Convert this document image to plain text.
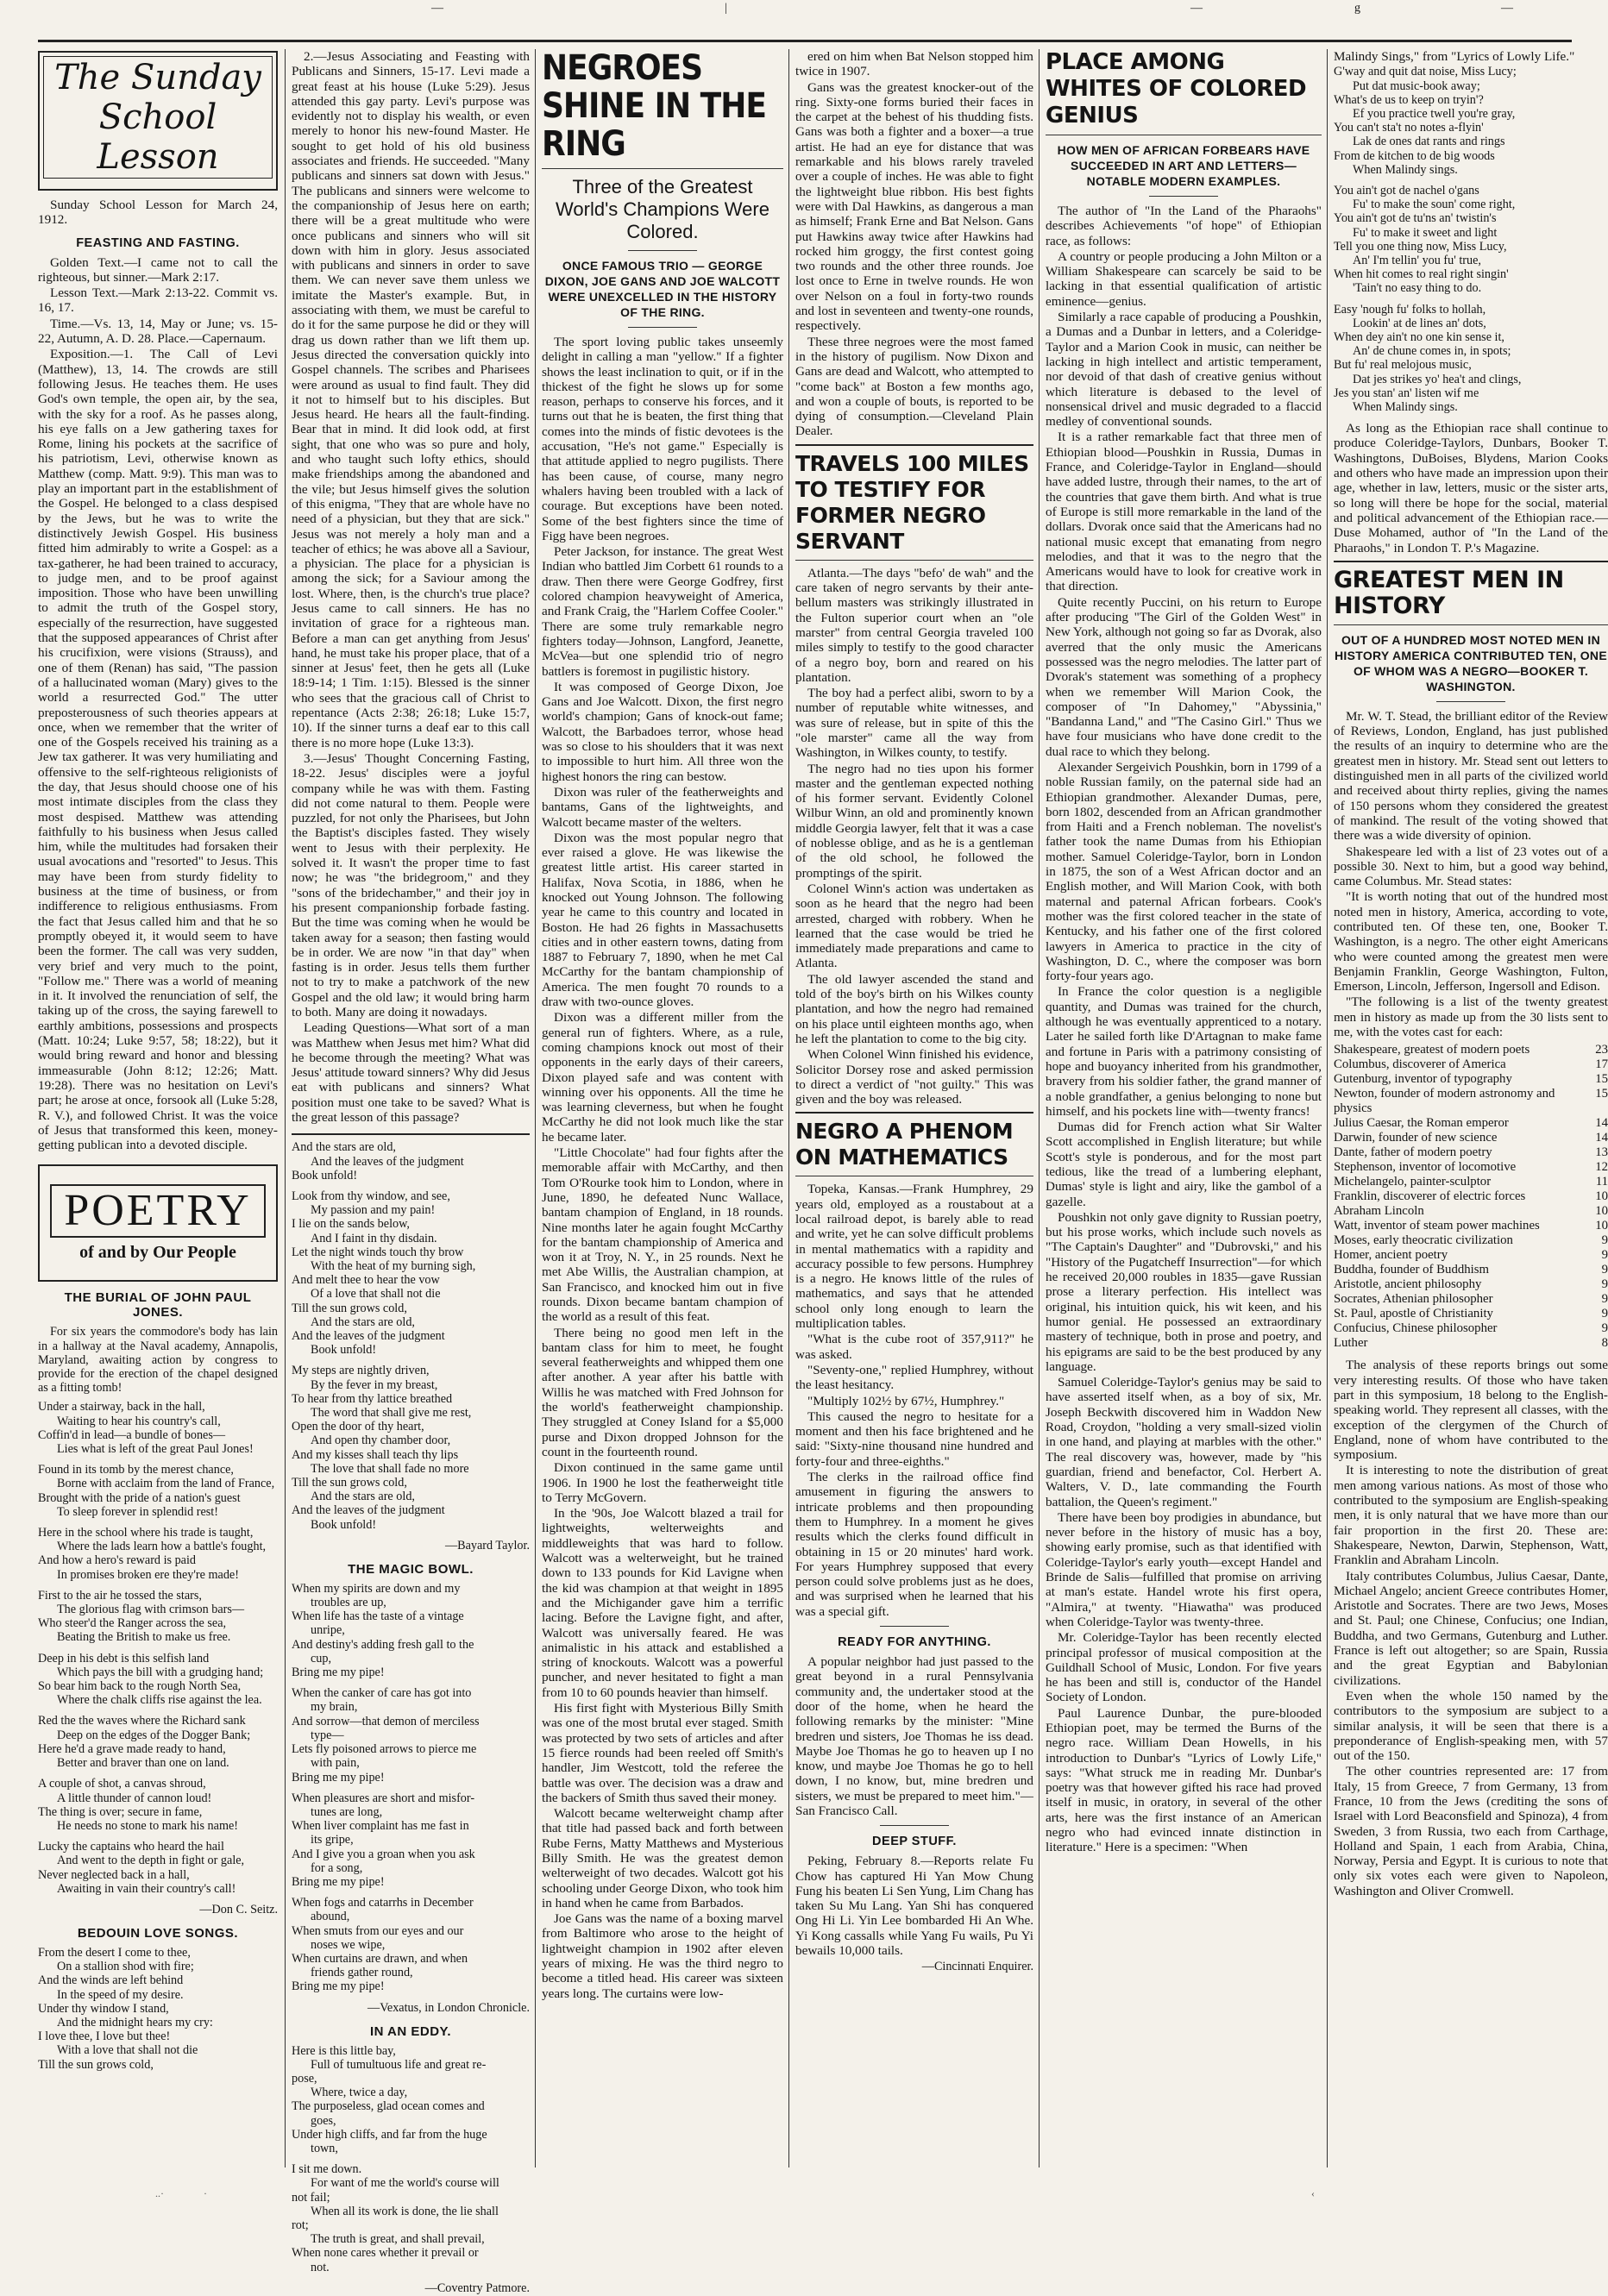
—	|	—	g	—
The Sunday School Lesson

Sunday School Lesson for March 24, 1912.

FEASTING AND FASTING.

Golden Text.—I came not to call the righteous, but sinner.—Mark 2:17.

Lesson Text.—Mark 2:13-22. Commit vs. 16, 17.

Time.—Vs. 13, 14, May or June; vs. 15-22, Autumn, A. D. 28. Place.—Capernaum.

Exposition.—1. The Call of Levi (Matthew), 13, 14. The crowds are still following Jesus. He teaches them. He uses God's own temple, the open air, by the sea, with the sky for a roof. As he passes along, his eye falls on a Jew gathering taxes for Rome, lining his pockets at the sacrifice of his patriotism, Levi, otherwise known as Matthew (comp. Matt. 9:9). This man was to play an important part in the establishment of the Gospel. He belonged to a class despised by the Jews, but he was to write the distinctively Jewish Gospel. His business fitted him admirably to write a Gospel: as a tax-gatherer, he had been trained to accuracy, to judge men, and to be proof against imposition. Those who have been unwilling to admit the truth of the Gospel story, especially of the resurrection, have suggested that the supposed appearances of Christ after his crucifixion, were visions (Strauss), and one of them (Renan) has said, "The passion of a hallucinated woman (Mary) gives to the world a resurrected God." The utter preposterousness of such theories appears at once, when we remember that the writer of one of the Gospels received his training as a Jew tax gatherer. It was very humiliating and offensive to the self-righteous religionists of the day, that Jesus should choose one of his most intimate disciples from the class they most despised. Matthew was attending faithfully to his business when Jesus called him, while the multitudes had forsaken their usual avocations and "resorted" to Jesus. This may have been from sturdy fidelity to business at the time of business, or from indifference to religious enthusiasms. From the fact that Jesus called him and that he so promptly obeyed it, it would seem to have been the former. The call was very sudden, very brief and very much to the point, "Follow me." There was a world of meaning in it. It involved the renunciation of self, the taking up of the cross, the saying farewell to earthly ambitions, possessions and prospects (Matt. 10:24; Luke 9:57, 58; 18:22), but it would bring reward and honor and blessing immeasurable (John 8:12; 12:26; Matt. 19:28). There was no hesitation on Levi's part; he arose at once, forsook all (Luke 5:28, R. V.), and followed Christ. It was the voice of Jesus that transformed this keen, money-getting publican into a devoted disciple.

POETRY
of and by Our People
THE BURIAL OF JOHN PAUL JONES.

For six years the commodore's body has lain in a hallway at the Naval academy, Annapolis, Maryland, awaiting action by congress to provide for the erection of the chapel designed as a fitting tomb!

Under a stairway, back in the hall,
Waiting to hear his country's call,
Coffin'd in lead—a bundle of bones—
Lies what is left of the great Paul Jones!
Found in its tomb by the merest chance,
Borne with acclaim from the land of France,
Brought with the pride of a nation's guest
To sleep forever in splendid rest!
Here in the school where his trade is taught,
Where the lads learn how a battle's fought,
And how a hero's reward is paid
In promises broken ere they're made!
First to the air he tossed the stars,
The glorious flag with crimson bars—
Who steer'd the Ranger across the sea,
Beating the British to make us free.
Deep in his debt is this selfish land
Which pays the bill with a grudging hand;
So bear him back to the rough North Sea,
Where the chalk cliffs rise against the lea.
Red the the waves where the Richard sank
Deep on the edges of the Dogger Bank;
Here he'd a grave made ready to hand,
Better and braver than one on land.
A couple of shot, a canvas shroud,
A little thunder of cannon loud!
The thing is over; secure in fame,
He needs no stone to mark his name!
Lucky the captains who heard the hail
And went to the depth in fight or gale,
Never neglected back in a hall,
Awaiting in vain their country's call!
—Don C. Seitz.
BEDOUIN LOVE SONGS.
From the desert I come to thee,
On a stallion shod with fire;
And the winds are left behind
In the speed of my desire.
Under thy window I stand,
And the midnight hears my cry:
I love thee, I love but thee!
With a love that shall not die
Till the sun grows cold,

2.—Jesus Associating and Feasting with Publicans and Sinners, 15-17. Levi made a great feast at his house (Luke 5:29). Jesus attended this gay party. Levi's purpose was evidently not to display his wealth, or even merely to honor his new-found Master. He sought to get hold of his old business associates and friends. He succeeded. "Many publicans and sinners sat down with Jesus." The publicans and sinners were welcome to the companionship of Jesus here on earth; there will be a great multitude who were once publicans and sinners who will sit down with him in glory. Jesus associated with publicans and sinners in order to save them. We can never save them unless we imitate the Master's example. But, in associating with them, we must be careful to do it for the same purpose he did or they will drag us down rather than we lift them up. Jesus directed the conversation quickly into Gospel channels. The scribes and Pharisees were around as usual to find fault. They did it not to himself but to his disciples. But Jesus heard. He hears all the fault-finding. Bear that in mind. It did look odd, at first sight, that one who was so pure and holy, and who taught such lofty ethics, should make friendships among the abandoned and the vile; but Jesus himself gives the solution of this enigma, "They that are whole have no need of a physician, but they that are sick." Jesus was not merely a holy man and a teacher of ethics; he was above all a Saviour, a physician. The place for a physician is among the sick; for a Saviour among the lost. Where, then, is the church's true place? Jesus came to call sinners. He has no invitation of grace for a righteous man. Before a man can get anything from Jesus' hand, he must take his proper place, that of a sinner at Jesus' feet, then he gets all (Luke 18:9-14; 1 Tim. 1:15). Blessed is the sinner who sees that the gracious call of Christ to repentance (Acts 2:38; 26:18; Luke 15:7, 10). If the sinner turns a deaf ear to this call there is no more hope (Luke 13:3).

3.—Jesus' Thought Concerning Fasting, 18-22. Jesus' disciples were a joyful company while he was with them. Fasting did not come natural to them. People were puzzled, for not only the Pharisees, but John the Baptist's disciples fasted. They wisely went to Jesus with their perplexity. He solved it. It wasn't the proper time to fast now; he was "the bridegroom," and they "sons of the bridechamber," and their joy in his present companionship forbade fasting. But the time was coming when he would be taken away for a season; then fasting would be in order. We are now "in that day" when fasting is in order. Jesus tells them further not to try to make a patchwork of the new Gospel and the old law; it would bring harm to both. Many are doing it nowadays.

Leading Questions—What sort of a man was Matthew when Jesus met him? What did he become through the meeting? What was Jesus' attitude toward sinners? Why did Jesus eat with publicans and sinners? What position must one take to be saved? What is the great lesson of this passage?

And the stars are old,
And the leaves of the judgment
Book unfold!
Look from thy window, and see,
My passion and my pain!
I lie on the sands below,
And I faint in thy disdain.
Let the night winds touch thy brow
With the heat of my burning sigh,
And melt thee to hear the vow
Of a love that shall not die
Till the sun grows cold,
And the stars are old,
And the leaves of the judgment
Book unfold!
My steps are nightly driven,
By the fever in my breast,
To hear from thy lattice breathed
The word that shall give me rest,
Open the door of thy heart,
And open thy chamber door,
And my kisses shall teach thy lips
The love that shall fade no more
Till the sun grows cold,
And the stars are old,
And the leaves of the judgment
Book unfold!
—Bayard Taylor.
THE MAGIC BOWL.
When my spirits are down and my
troubles are up,
When life has the taste of a vintage
unripe,
And destiny's adding fresh gall to the
cup,
Bring me my pipe!
When the canker of care has got into
my brain,
And sorrow—that demon of merciless
type—
Lets fly poisoned arrows to pierce me
with pain,
Bring me my pipe!
When pleasures are short and misfor-
tunes are long,
When liver complaint has me fast in
its gripe,
And I give you a groan when you ask
for a song,
Bring me my pipe!
When fogs and catarrhs in December
abound,
When smuts from our eyes and our
noses we wipe,
When curtains are drawn, and when
friends gather round,
Bring me my pipe!
—Vexatus, in London Chronicle.
IN AN EDDY.
Here is this little bay,
Full of tumultuous life and great re-
pose,
Where, twice a day,
The purposeless, glad ocean comes and
goes,
Under high cliffs, and far from the huge
town,
I sit me down.
For want of me the world's course will
not fail;
When all its work is done, the lie shall
rot;
The truth is great, and shall prevail,
When none cares whether it prevail or
not.
—Coventry Patmore.
NEGROES SHINE IN THE RING
Three of the Greatest World's Champions Were Colored.
ONCE FAMOUS TRIO — GEORGE DIXON, JOE GANS AND JOE WALCOTT WERE UNEXCELLED IN THE HISTORY OF THE RING.

The sport loving public takes unseemly delight in calling a man "yellow." If a fighter shows the least inclination to quit, or if in the thickest of the fight he slows up for some reason, perhaps to conserve his forces, and it turns out that he is beaten, the first thing that comes into the minds of fistic devotees is the accusation, "He's not game." Especially is that attitude applied to negro pugilists. There has been cause, of course, many negro whalers having been troubled with a lack of courage. But exceptions have been noted. Some of the best fighters since the time of Figg have been negroes.

Peter Jackson, for instance. The great West Indian who battled Jim Corbett 61 rounds to a draw. Then there were George Godfrey, first colored champion heavyweight of America, and Frank Craig, the "Harlem Coffee Cooler." There are some truly remarkable negro fighters today—Johnson, Langford, Jeanette, McVea—but one splendid trio of negro battlers is foremost in pugilistic history.

It was composed of George Dixon, Joe Gans and Joe Walcott. Dixon, the first negro world's champion; Gans of knock-out fame; Walcott, the Barbadoes terror, whose head was so close to his shoulders that it was next to impossible to hurt him. All three won the highest honors the ring can bestow.

Dixon was ruler of the featherweights and bantams, Gans of the lightweights, and Walcott became master of the welters.

Dixon was the most popular negro that ever raised a glove. He was likewise the greatest little artist. His career started in Halifax, Nova Scotia, in 1886, when he knocked out Young Johnson. The following year he came to this country and located in Boston. He had 26 fights in Massachusetts cities and in other eastern towns, dating from 1887 to February 7, 1890, when he met Cal McCarthy for the bantam championship of America. The men fought 70 rounds to a draw with two-ounce gloves.

Dixon was a different miller from the general run of fighters. Where, as a rule, coming champions knock out most of their opponents in the early days of their careers, Dixon played safe and was content with winning over his opponents. All the time he was learning cleverness, but when he fought McCarthy he did not look much like the star he became later.

"Little Chocolate" had four fights after the memorable affair with McCarthy, and then Tom O'Rourke took him to London, where in June, 1890, he defeated Nunc Wallace, bantam champion of England, in 18 rounds. Nine months later he again fought McCarthy for the bantam championship of America and won it at Troy, N. Y., in 25 rounds. Next he met Abe Willis, the Australian champion, at San Francisco, and knocked him out in five rounds. Dixon became bantam champion of the world as a result of this feat.

There being no good men left in the bantam class for him to meet, he fought several featherweights and whipped them one after another. A year after his battle with Willis he was matched with Fred Johnson for the world's featherweight championship. They struggled at Coney Island for a $5,000 purse and Dixon dropped Johnson for the count in the fourteenth round.

Dixon continued in the same game until 1906. In 1900 he lost the featherweight title to Terry McGovern.

In the '90s, Joe Walcott blazed a trail for lightweights, welterweights and middleweights that was hard to follow. Walcott was a welterweight, but he trained down to 133 pounds for Kid Lavigne when the kid was champion at that weight in 1895 and the Michigander gave him a terrific lacing. Before the Lavigne fight, and after, Walcott was universally feared. He was animalistic in his attack and established a string of knockouts. Walcott was a powerful puncher, and never hesitated to fight a man from 10 to 60 pounds heavier than himself.

His first fight with Mysterious Billy Smith was one of the most brutal ever staged. Smith was protected by two sets of articles and after 15 fierce rounds had been reeled off Smith's handler, Jim Westcott, told the referee the battle was over. The decision was a draw and the backers of Smith thus saved their money.

Walcott became welterweight champ after that title had passed back and forth between Rube Ferns, Matty Matthews and Mysterious Billy Smith. He was the greatest demon welterweight of two decades. Walcott got his schooling under George Dixon, who took him in hand when he came from Barbados.

Joe Gans was the name of a boxing marvel from Baltimore who arose to the height of lightweight champion in 1902 after eleven years of mixing. He was the third negro to become a titled head. His career was sixteen years long. The curtains were low-

ered on him when Bat Nelson stopped him twice in 1907.

Gans was the greatest knocker-out of the ring. Sixty-one forms buried their faces in the carpet at the behest of his thudding fists. Gans was both a fighter and a boxer—a true artist. He had an eye for distance that was remarkable and his blows rarely traveled over a couple of inches. He was able to fight the lightweight blue ribbon. His best fights were with Dal Hawkins, as dangerous a man as himself; Frank Erne and Bat Nelson. Gans put Hawkins away twice after Hawkins had rocked him groggy, the first contest going two rounds and the other three rounds. Joe lost once to Erne in twelve rounds. He won over Nelson on a foul in forty-two rounds and lost in seventeen and twenty-one rounds, respectively.

These three negroes were the most famed in the history of pugilism. Now Dixon and Gans are dead and Walcott, who attempted to "come back" at Boston a few months ago, and won a couple of bouts, is reported to be dying of consumption.—Cleveland Plain Dealer.

TRAVELS 100 MILES TO TESTIFY FOR FORMER NEGRO SERVANT

Atlanta.—The days "befo' de wah" and the care taken of negro servants by their ante-bellum masters was strikingly illustrated in the Fulton superior court when an "ole marster" from central Georgia traveled 100 miles simply to testify to the good character of a negro boy, born and reared on his plantation.

The boy had a perfect alibi, sworn to by a number of reputable white witnesses, and was sure of release, but in spite of this the "ole marster" came all the way from Washington, in Wilkes county, to testify.

The negro had no ties upon his former master and the gentleman expected nothing of his former servant. Evidently Colonel Wilbur Winn, an old and prominently known middle Georgia lawyer, felt that it was a case of noblesse oblige, and as he is a gentleman of the old school, he followed the promptings of the spirit.

Colonel Winn's action was undertaken as soon as he heard that the negro had been arrested, charged with robbery. When he learned that the case would be tried he immediately made preparations and came to Atlanta.

The old lawyer ascended the stand and told of the boy's birth on his Wilkes county plantation, and how the negro had remained on his place until eighteen months ago, when he left the plantation to come to the big city.

When Colonel Winn finished his evidence, Solicitor Dorsey rose and asked permission to direct a verdict of "not guilty." This was given and the boy was released.

NEGRO A PHENOM ON MATHEMATICS

Topeka, Kansas.—Frank Humphrey, 29 years old, employed as a roustabout at a local railroad depot, is barely able to read and write, yet he can solve difficult problems in mental mathematics with a rapidity and accuracy possible to few persons. Humphrey is a negro. He knows little of the rules of mathematics, and says that he attended school only long enough to learn the multiplication tables.

"What is the cube root of 357,911?" he was asked.

"Seventy-one," replied Humphrey, without the least hesitancy.

"Multiply 102½ by 67½, Humphrey."

This caused the negro to hesitate for a moment and then his face brightened and he said: "Sixty-nine thousand nine hundred and forty-four and three-eighths."

The clerks in the railroad office find amusement in figuring the answers to intricate problems and then propounding them to Humphrey. In a moment he gives results which the clerks found difficult in obtaining in 15 or 20 minutes' hard work. For years Humphrey supposed that every person could solve problems just as he does, and was surprised when he learned that his was a special gift.

READY FOR ANYTHING.

A popular neighbor had just passed to the great beyond in a rural Pennsylvania community and, the undertaker stood at the door of the home, when he heard the following remarks by the minister: "Mine bredren und sisters, Joe Thomas he iss dead. Maybe Joe Thomas he go to heaven up I no know, und maybe Joe Thomas he go to hell down, I no know, but, mine bredren und sisters, we must be prepared to meet him."—San Francisco Call.

DEEP STUFF.

Peking, February 8.—Reports relate Fu Chow has captured Hi Yan Mow Chung Fung his beaten Li Sen Yung, Lim Chang has taken Su Mu Lang. Yan Shi has conquered Ong Hi Li. Yin Lee bombarded Hi An Whe. Yi Kong cassalls while Yang Fu wails, Pu Yi bewails 10,000 tails.

—Cincinnati Enquirer.
PLACE AMONG WHITES OF COLORED GENIUS
HOW MEN OF AFRICAN FORBEARS HAVE SUCCEEDED IN ART AND LETTERS—NOTABLE MODERN EXAMPLES.

The author of "In the Land of the Pharaohs" describes Achievements "of hope" of Ethiopian race, as follows:

A country or people producing a John Milton or a William Shakespeare can scarcely be said to be lacking in that essential qualification of artistic eminence—genius.

Similarly a race capable of producing a Poushkin, a Dumas and a Dunbar in letters, and a Coleridge-Taylor and a Marion Cook in music, can neither be lacking in high intellect and artistic temperament, nor devoid of that dash of creative genius without which literature is debased to the level of nonsensical drivel and music degraded to a flaccid medley of conventional sounds.

It is a rather remarkable fact that three men of Ethiopian blood—Poushkin in Russia, Dumas in France, and Coleridge-Taylor in England—should have added lustre, through their names, to the art of the countries that gave them birth. And what is true of Europe is still more remarkable in the land of the dollars. Dvorak once said that the Americans had no national music except that emanating from negro melodies, and that it was to the negro that the Americans would have to look for creative work in that direction.

Quite recently Puccini, on his return to Europe after producing "The Girl of the Golden West" in New York, although not going so far as Dvorak, also averred that the only music the Americans possessed was the negro melodies. The latter part of Dvorak's statement was something of a prophecy when we remember Will Marion Cook, the composer of "In Dahomey," "Abyssinia," "Bandanna Land," and "The Casino Girl." Thus we have four musicians who have done credit to the dual race to which they belong.

Alexander Sergeivich Poushkin, born in 1799 of a noble Russian family, on the paternal side had an Ethiopian grandmother. Alexander Dumas, pere, born 1802, descended from an African grandmother from Haiti and a French nobleman. The novelist's father took the name Dumas from his Ethiopian mother. Samuel Coleridge-Taylor, born in London in 1875, the son of a West African doctor and an English mother, and Will Marion Cook, with both maternal and paternal African forbears. Cook's mother was the first colored teacher in the state of Kentucky, and his father one of the first colored lawyers in America to practice in the city of Washington, D. C., where the composer was born forty-four years ago.

In France the color question is a negligible quantity, and Dumas was trained for the church, although he was eventually apprenticed to a notary. Later he sailed forth like D'Artagnan to make fame and fortune in Paris with a patrimony consisting of hope and buoyancy inherited from his grandmother, bravery from his soldier father, the grand manner of a noble grandfather, a genius belonging to none but himself, and his pockets line with—twenty francs!

Dumas did for French action what Sir Walter Scott accomplished in English literature; but while Scott's style is ponderous, and for the most part tedious, like the tread of a lumbering elephant, Dumas' style is light and airy, like the gambol of a gazelle.

Poushkin not only gave dignity to Russian poetry, but his prose works, which include such novels as "The Captain's Daughter" and "Dubrovski," and his "History of the Pugatcheff Insurrection"—for which he received 20,000 roubles in 1835—gave Russian prose a literary perfection. His intellect was original, his intuition quick, his wit keen, and his humor genial. He possessed an extraordinary mastery of technique, both in prose and poetry, and his epigrams are said to be the best produced by any language.

Samuel Coleridge-Taylor's genius may be said to have asserted itself when, as a boy of six, Mr. Joseph Beckwith discovered him in Waddon New Road, Croydon, "holding a very small-sized violin in one hand, and playing at marbles with the other." The real discovery was, however, made by "his guardian, friend and benefactor, Col. Herbert A. Walters, V. D., late commanding the Fourth battalion, the Queen's regiment."

There have been boy prodigies in abundance, but never before in the history of music has a boy, showing early promise, such as that identified with Coleridge-Taylor's early youth—except Handel and Brinde de Salis—fulfilled that promise on arriving at man's estate. Handel wrote his first opera, "Almira," at twenty. "Hiawatha" was produced when Coleridge-Taylor was twenty-three.

Mr. Coleridge-Taylor has been recently elected principal professor of musical composition at the Guildhall School of Music, London. For five years he has been and still is, conductor of the Handel Society of London.

Paul Laurence Dunbar, the pure-blooded Ethiopian poet, may be termed the Burns of the negro race. William Dean Howells, in his introduction to Dunbar's "Lyrics of Lowly Life," says: "What struck me in reading Mr. Dunbar's poetry was that however gifted his race had proved itself in music, in oratory, in several of the other arts, here was the first instance of an American negro who had evinced innate distinction in literature." Here is a specimen: "When

Malindy Sings," from "Lyrics of Lowly Life."

G'way and quit dat noise, Miss Lucy;
Put dat music-book away;
What's de us to keep on tryin'?
Ef you practice twell you're gray,
You can't sta't no notes a-flyin'
Lak de ones dat rants and rings
From de kitchen to de big woods
When Malindy sings.
You ain't got de nachel o'gans
Fu' to make the soun' come right,
You ain't got de tu'ns an' twistin's
Fu' to make it sweet and light
Tell you one thing now, Miss Lucy,
An' I'm tellin' you fu' true,
When hit comes to real right singin'
'Tain't no easy thing to do.
Easy 'nough fu' folks to hollah,
Lookin' at de lines an' dots,
When dey ain't no one kin sense it,
An' de chune comes in, in spots;
But fu' real melojous music,
Dat jes strikes yo' hea't and clings,
Jes you stan' an' listen wif me
When Malindy sings.

As long as the Ethiopian race shall continue to produce Coleridge-Taylors, Dunbars, Booker T. Washingtons, DuBoises, Blydens, Marion Cooks and others who have made an impression upon their age, whether in law, letters, music or the sister arts, so long will there be hope for the social, material and political advancement of the Ethiopian race.—Duse Mohamed, author of "In the Land of the Pharaohs," in London T. P.'s Magazine.

GREATEST MEN IN HISTORY
OUT OF A HUNDRED MOST NOTED MEN IN HISTORY AMERICA CONTRIBUTED TEN, ONE OF WHOM WAS A NEGRO—BOOKER T. WASHINGTON.

Mr. W. T. Stead, the brilliant editor of the Review of Reviews, London, England, has just published the results of an inquiry to determine who are the greatest men in history. Mr. Stead sent out letters to distinguished men in all parts of the civilized world and received about thirty replies, giving the names of 150 persons whom they considered the greatest of mankind. The result of the voting showed that there was a wide diversity of opinion.

Shakespeare led with a list of 23 votes out of a possible 30. Next to him, but a good way behind, came Columbus. Mr. Stead states:

"It is worth noting that out of the hundred most noted men in history, America, according to vote, contributed ten. Of these ten, one, Booker T. Washington, is a negro. The other eight Americans who were counted among the greatest men were Benjamin Franklin, George Washington, Fulton, Emerson, Lincoln, Jefferson, Ingersoll and Edison.

"The following is a list of the twenty greatest men in history as made up from the 30 lists sent to me, with the votes cast for each:

Shakespeare, greatest of modern poets	23
Columbus, discoverer of America	17
Gutenburg, inventor of typography	15
Newton, founder of modern astronomy and physics
15
Julius Caesar, the Roman emperor	14
Darwin, founder of new science	14
Dante, father of modern poetry	13
Stephenson, inventor of locomotive	12
Michelangelo, painter-sculptor	11
Franklin, discoverer of electric forces	10
Abraham Lincoln	10
Watt, inventor of steam power machines	10
Moses, early theocratic civilization	9
Homer, ancient poetry	9
Buddha, founder of Buddhism	9
Aristotle, ancient philosophy	9
Socrates, Athenian philosopher	9
St. Paul, apostle of Christianity	9
Confucius, Chinese philosopher	9
Luther	8

The analysis of these reports brings out some very interesting results. Of those who have taken part in this symposium, 18 belong to the English-speaking world. They represent all classes, with the exception of the clergymen of the Church of England, none of whom have contributed to the symposium.

It is interesting to note the distribution of great men among various nations. As most of those who contributed to the symposium are English-speaking men, it is only natural that we have more than our fair proportion in the first 20. These are: Shakespeare, Newton, Darwin, Stephenson, Watt, Franklin and Abraham Lincoln.

Italy contributes Columbus, Julius Caesar, Dante, Michael Angelo; ancient Greece contributes Homer, Aristotle and Socrates. There are two Jews, Moses and St. Paul; one Chinese, Confucius; one Indian, Buddha, and two Germans, Gutenburg and Luther. France is left out altogether; so are Spain, Russia and the great Egyptian and Babylonian civilizations.

Even when the whole 150 named by the contributors to the symposium are subject to a similar analysis, it will be seen that there is a preponderance of English-speaking men, with 57 out of the 150.

The other countries represented are: 17 from Italy, 15 from Greece, 7 from Germany, 13 from France, 10 from the Jews (crediting the sons of Israel with Lord Beaconsfield and Spinoza), 4 from Sweden, 3 from Russia, two each from Carthage, Holland and Spain, 1 each from Arabia, China, Norway, Persia and Egypt. It is curious to note that only six votes each were given to Napoleon, Washington and Oliver Cromwell.

..·	·	‹
